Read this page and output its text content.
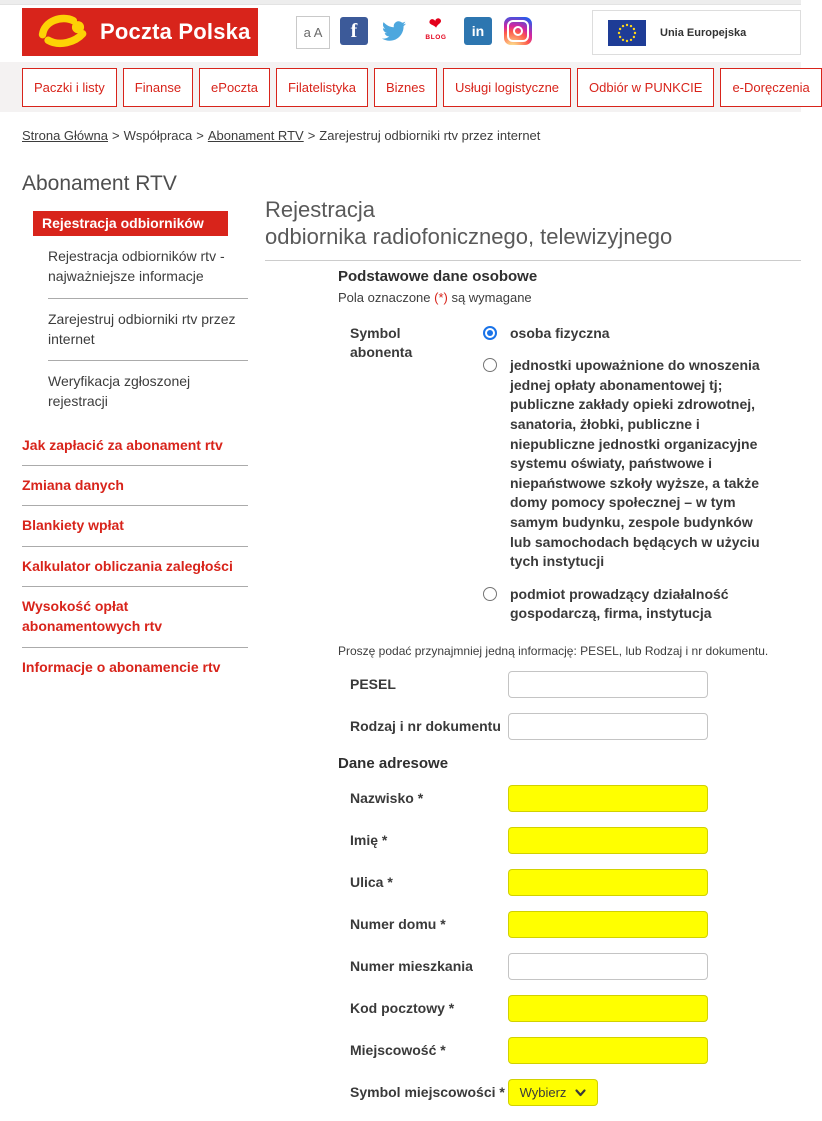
Poczta Polska	a A	f	❤
BLOG	in	Unia Europejska
Paczki i listy	Finanse	ePoczta	Filatelistyka	Biznes	Usługi logistyczne	Odbiór w PUNKCIE	e-Doręczenia
Strona Główna > Współpraca > Abonament RTV > Zarejestruj odbiorniki rtv przez internet
Abonament RTV
Rejestracja odbiorników
Rejestracja odbiorników rtv - najważniejsze informacje
Zarejestruj odbiorniki rtv przez internet
Weryfikacja zgłoszonej rejestracji
Jak zapłacić za abonament rtv
Zmiana danych
Blankiety wpłat
Kalkulator obliczania zaległości
Wysokość opłat abonamentowych rtv
Informacje o abonamencie rtv
Rejestracja
odbiornika radiofonicznego, telewizyjnego
Podstawowe dane osobowe

Pola oznaczone (*) są wymagane

Symbol abonenta
osoba fizyczna
jednostki upoważnione do wnoszenia jednej opłaty abonamentowej tj; publiczne zakłady opieki zdrowotnej, sanatoria, żłobki, publiczne i niepubliczne jednostki organizacyjne systemu oświaty, państwowe i niepaństwowe szkoły wyższe, a także domy pomocy społecznej – w tym samym budynku, zespole budynków lub samochodach będących w użyciu tych instytucji
podmiot prowadzący działalność gospodarczą, firma, instytucja

Proszę podać przynajmniej jedną informację: PESEL, lub Rodzaj i nr dokumentu.

PESEL
Rodzaj i nr dokumentu
Dane adresowe
Nazwisko *
Imię *
Ulica *
Numer domu *
Numer mieszkania
Kod pocztowy *
Miejscowość *
Symbol miejscowości * Wybierz
